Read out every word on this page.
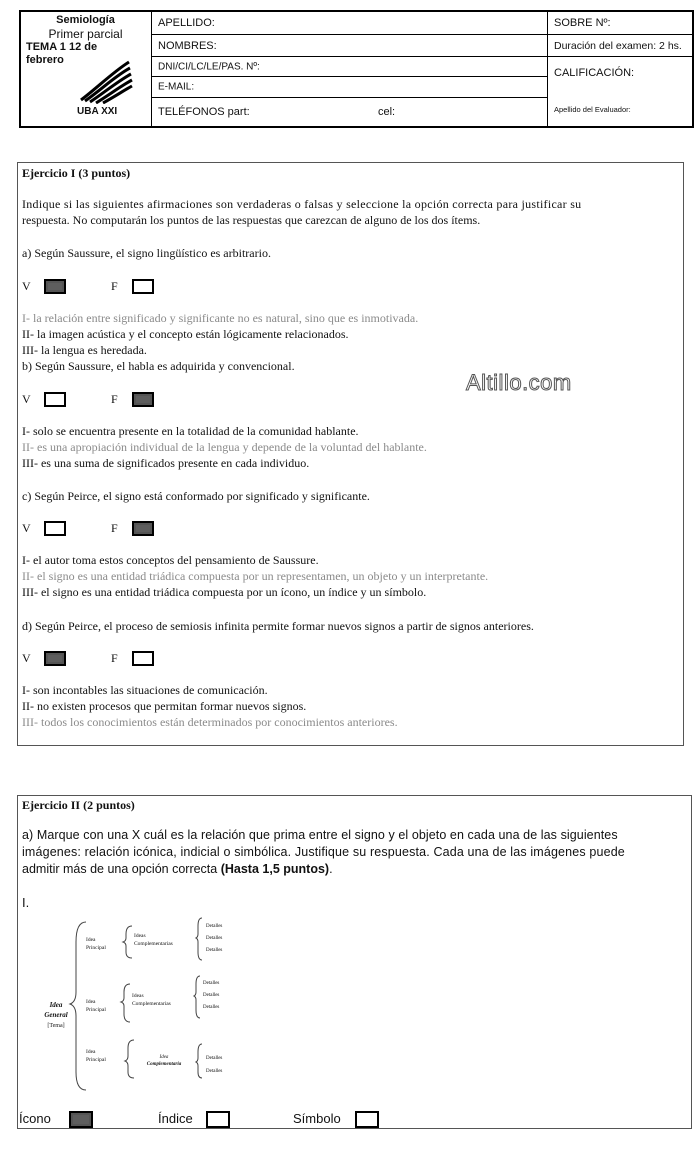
Semiología
Primer parcial
TEMA 1 12 de febrero
UBA XXI
APELLIDO:
NOMBRES:
DNI/CI/LC/LE/PAS. Nº:
E-MAIL:
TELÉFONOS part:	cel:
SOBRE Nº:
Duración del examen: 2 hs.
CALIFICACIÓN:
Apellido del Evaluador:
Ejercicio I (3 puntos)
Indique si las siguientes afirmaciones son verdaderas o falsas y seleccione la opción correcta para justificar su
respuesta. No computarán los puntos de las respuestas que carezcan de alguno de los dos ítems.
a) Según Saussure, el signo lingüístico es arbitrario.
V	F
I- la relación entre significado y significante no es natural, sino que es inmotivada.
II- la imagen acústica y el concepto están lógicamente relacionados.
III- la lengua es heredada.
b) Según Saussure, el habla es adquirida y convencional.
Altillo.com
V	F
I- solo se encuentra presente en la totalidad de la comunidad hablante.
II- es una apropiación individual de la lengua y depende de la voluntad del hablante.
III- es una suma de significados presente en cada individuo.
c) Según Peirce, el signo está conformado por significado y significante.
V	F
I- el autor toma estos conceptos del pensamiento de Saussure.
II- el signo es una entidad triádica compuesta por un representamen, un objeto y un interpretante.
III- el signo es una entidad triádica compuesta por un ícono, un índice y un símbolo.
d) Según Peirce, el proceso de semiosis infinita permite formar nuevos signos a partir de signos anteriores.
V	F
I- son incontables las situaciones de comunicación.
II- no existen procesos que permitan formar nuevos signos.
III- todos los conocimientos están determinados por conocimientos anteriores.
Ejercicio II (2 puntos)
a) Marque con una X cuál es la relación que prima entre el signo y el objeto en cada una de las siguientes
imágenes: relación icónica, indicial o simbólica. Justifique su respuesta. Cada una de las imágenes puede
admitir más de una opción correcta (Hasta 1,5 puntos).
I.
Idea
General
[Tema]
Idea
Principal
Idea
Principal
Idea
Principal
Ideas
Complementarias
Ideas
Complementarias
Idea
Complementaria
Detalles
Detalles
Detalles
Detalles
Detalles
Detalles
Detalles
Detalles
Ícono	Índice	Símbolo
